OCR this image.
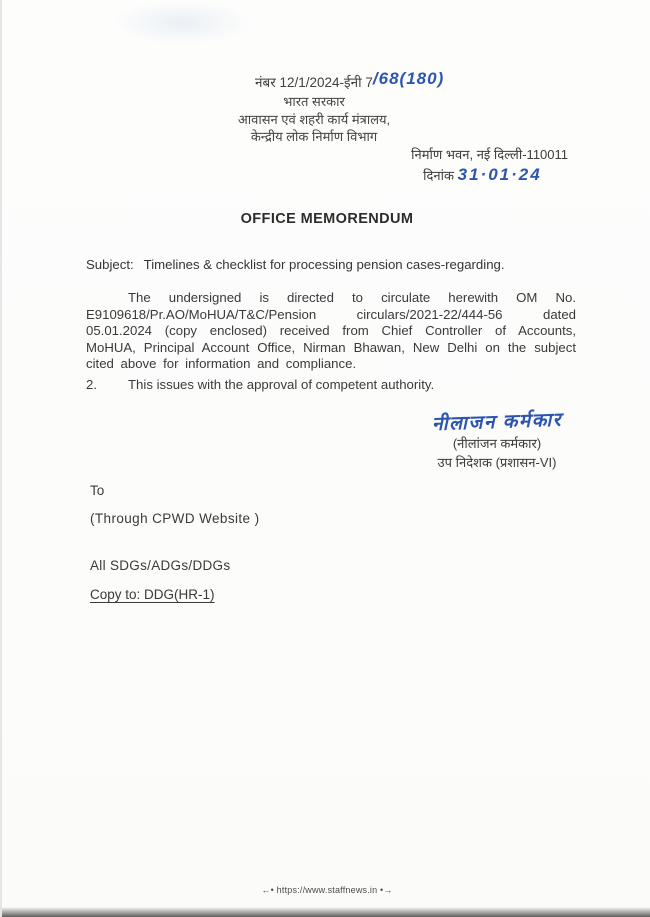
नंबर 12/1/2024-ईनी 7/68(180)
भारत सरकार
आवासन एवं शहरी कार्य मंत्रालय,
केन्द्रीय लोक निर्माण विभाग
निर्माण भवन, नई दिल्ली-110011
दिनांक 31·01·24
OFFICE MEMORENDUM
Subject: Timelines & checklist for processing pension cases-regarding.
The undersigned is directed to circulate herewith OM No. E9109618/Pr.AO/MoHUA/T&C/Pension circulars/2021-22/444-56 dated 05.01.2024 (copy enclosed) received from Chief Controller of Accounts, MoHUA, Principal Account Office, Nirman Bhawan, New Delhi on the subject cited above for information and compliance.
2. This issues with the approval of competent authority.
नीलाजन कर्मकार
(नीलांजन कर्मकार)
उप निदेशक (प्रशासन-VI)
To
(Through CPWD Website )
All SDGs/ADGs/DDGs
Copy to: DDG(HR-1)
←• https://www.staffnews.in •→
